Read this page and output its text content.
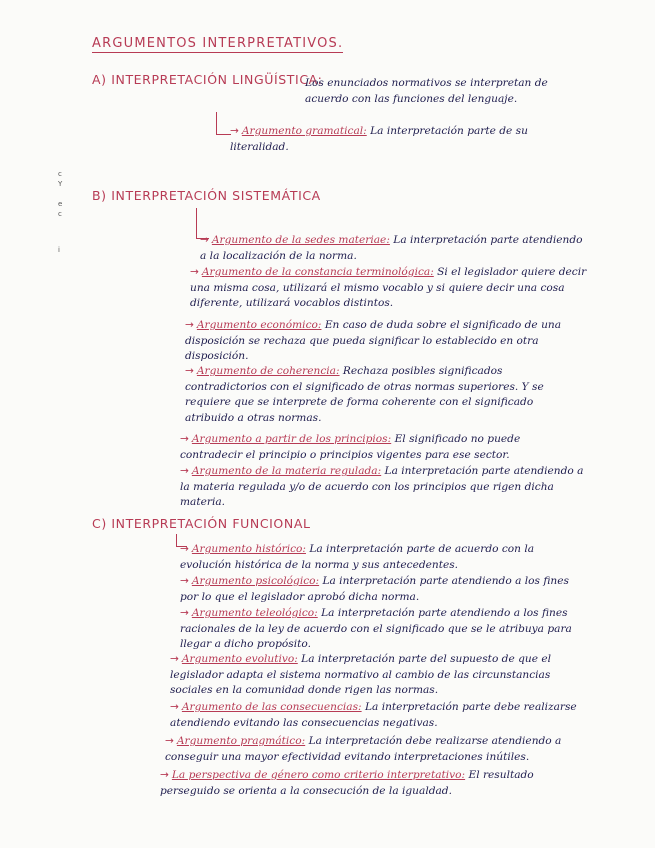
ARGUMENTOS INTERPRETATIVOS.
c
Y
e
c
i
A) INTERPRETACIÓN LINGÜÍSTICA:
Los enunciados normativos se interpretan de acuerdo con las funciones del lenguaje.
→ Argumento gramatical: La interpretación parte de su literalidad.
B) INTERPRETACIÓN SISTEMÁTICA
→ Argumento de la sedes materiae: La interpretación parte atendiendo a la localización de la norma.
→ Argumento de la constancia terminológica: Si el legislador quiere decir una misma cosa, utilizará el mismo vocablo y si quiere decir una cosa diferente, utilizará vocablos distintos.
→ Argumento económico: En caso de duda sobre el significado de una disposición se rechaza que pueda significar lo establecido en otra disposición.
→ Argumento de coherencia: Rechaza posibles significados contradictorios con el significado de otras normas superiores. Y se requiere que se interprete de forma coherente con el significado atribuido a otras normas.
→ Argumento a partir de los principios: El significado no puede contradecir el principio o principios vigentes para ese sector.
→ Argumento de la materia regulada: La interpretación parte atendiendo a la materia regulada y/o de acuerdo con los principios que rigen dicha materia.
C) INTERPRETACIÓN FUNCIONAL
→ Argumento histórico: La interpretación parte de acuerdo con la evolución histórica de la norma y sus antecedentes.
→ Argumento psicológico: La interpretación parte atendiendo a los fines por lo que el legislador aprobó dicha norma.
→ Argumento teleológico: La interpretación parte atendiendo a los fines racionales de la ley de acuerdo con el significado que se le atribuya para llegar a dicho propósito.
→ Argumento evolutivo: La interpretación parte del supuesto de que el legislador adapta el sistema normativo al cambio de las circunstancias sociales en la comunidad donde rigen las normas.
→ Argumento de las consecuencias: La interpretación parte debe realizarse atendiendo evitando las consecuencias negativas.
→ Argumento pragmático: La interpretación debe realizarse atendiendo a conseguir una mayor efectividad evitando interpretaciones inútiles.
→ La perspectiva de género como criterio interpretativo: El resultado perseguido se orienta a la consecución de la igualdad.
